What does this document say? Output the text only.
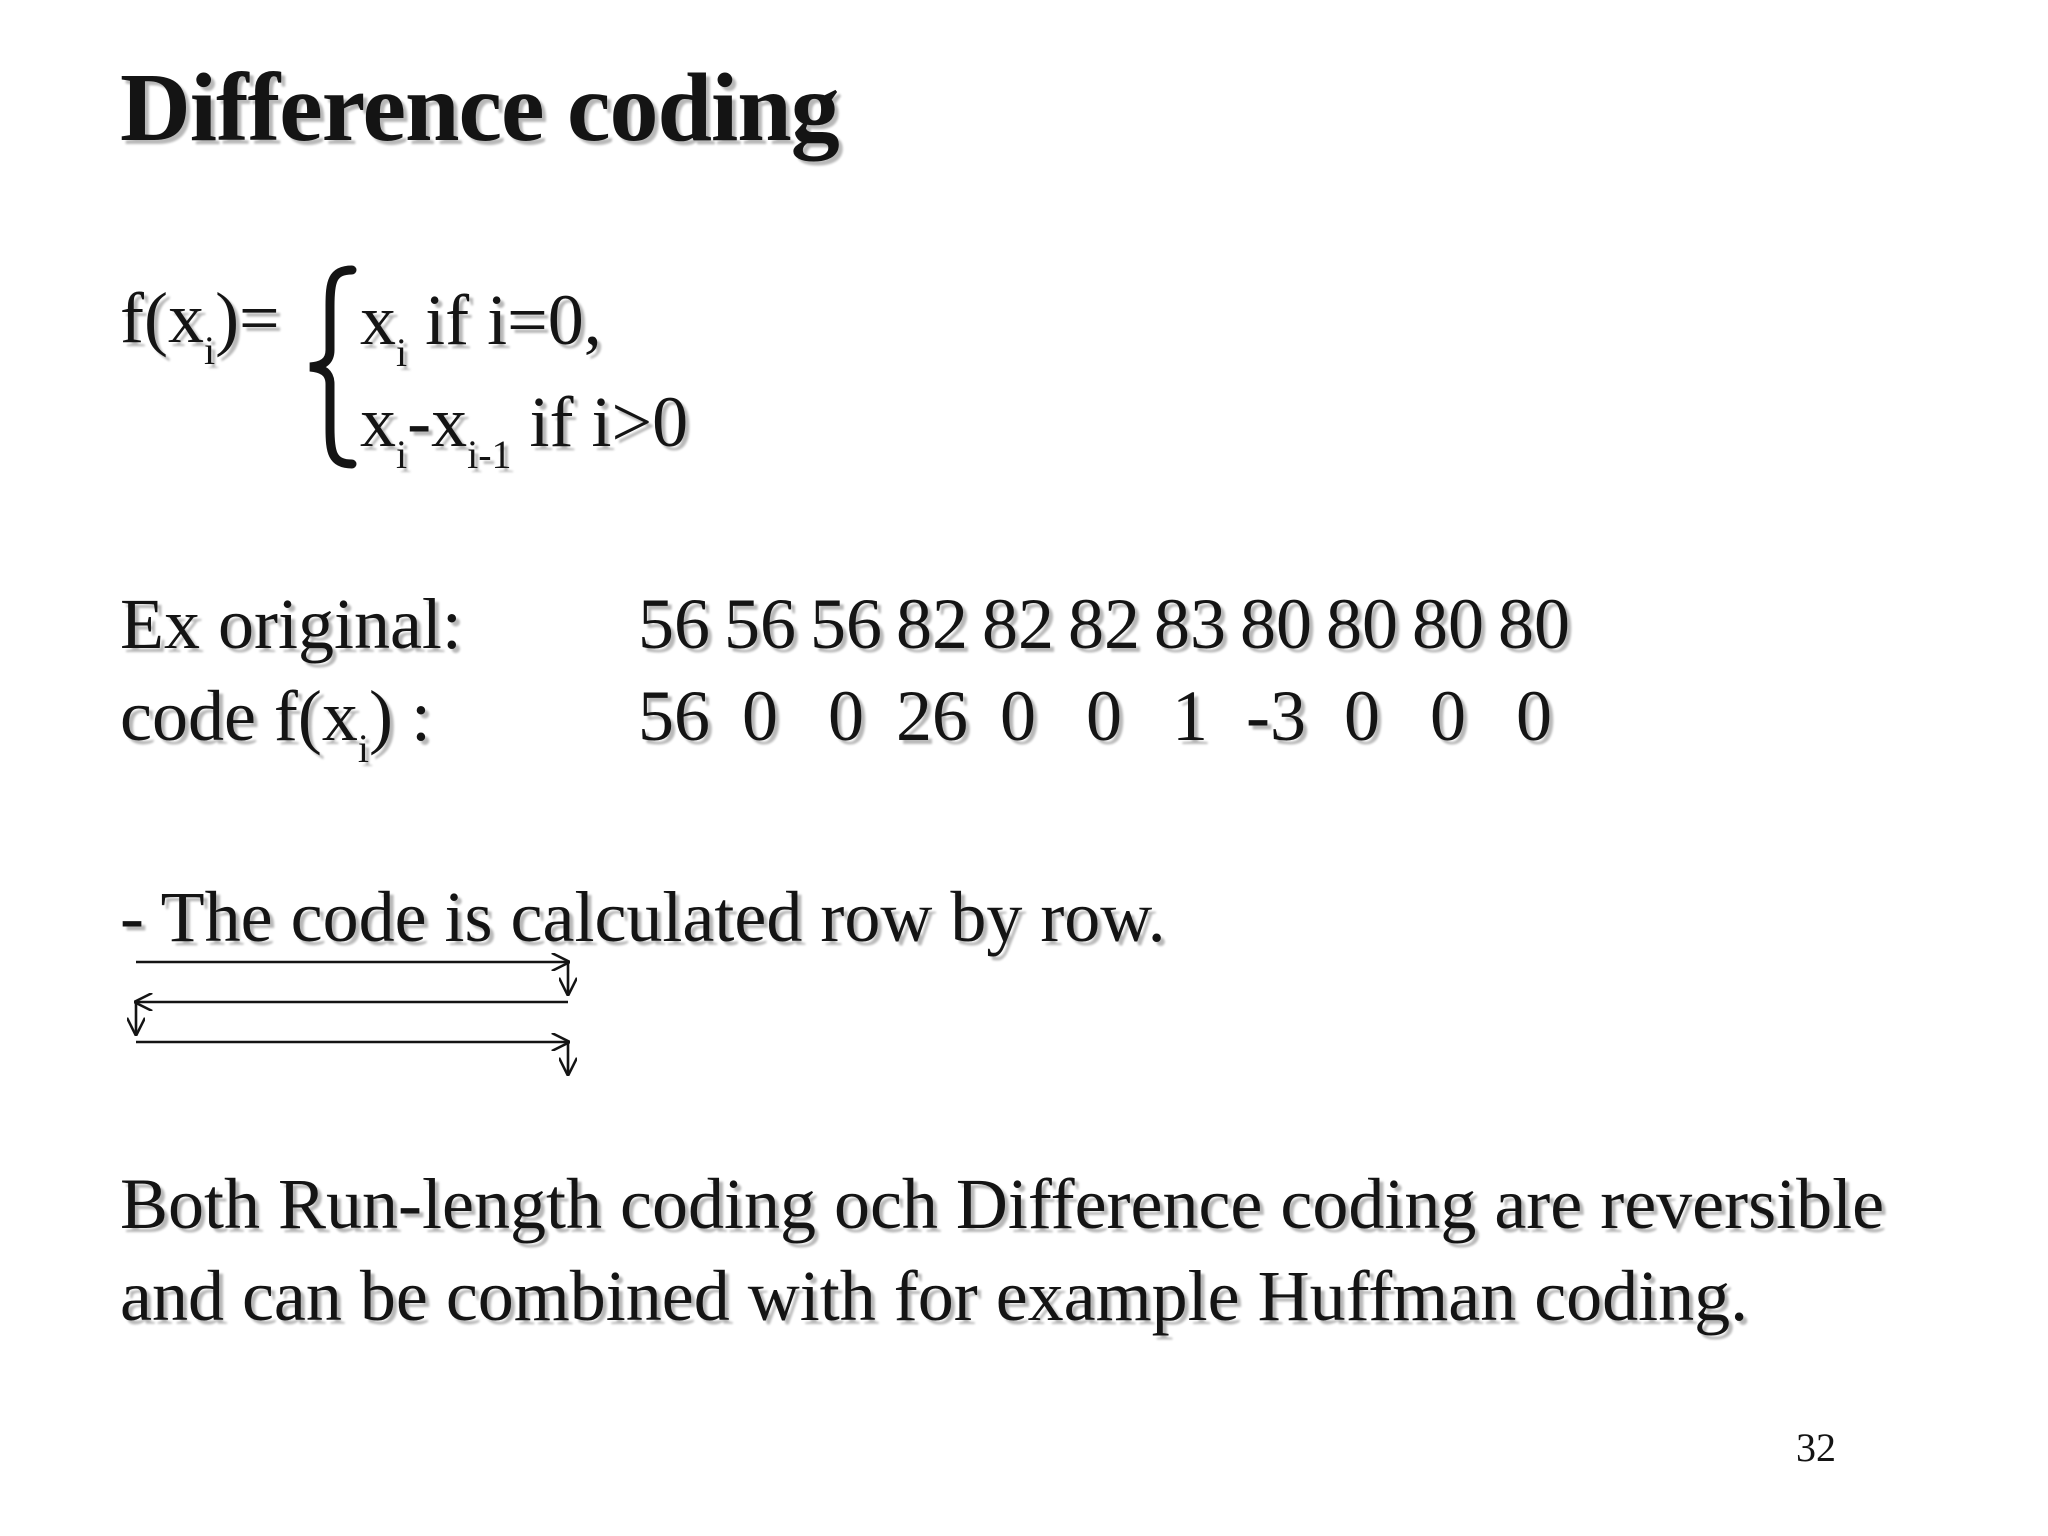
Difference coding
$f(x_i)= x_i$ if i=0,
$x_i-x_{i-1}$ if i>0
Ex original: 56 56 56 82 82 82 83 80 80 80 80
code $f(x_i)$ :	56 0 0 26 0 0 1 -3 0 0 0
- The code is calculated row by row.
Both Run-length coding och Difference coding are reversible and can be combined with for example Huffman coding.
32
